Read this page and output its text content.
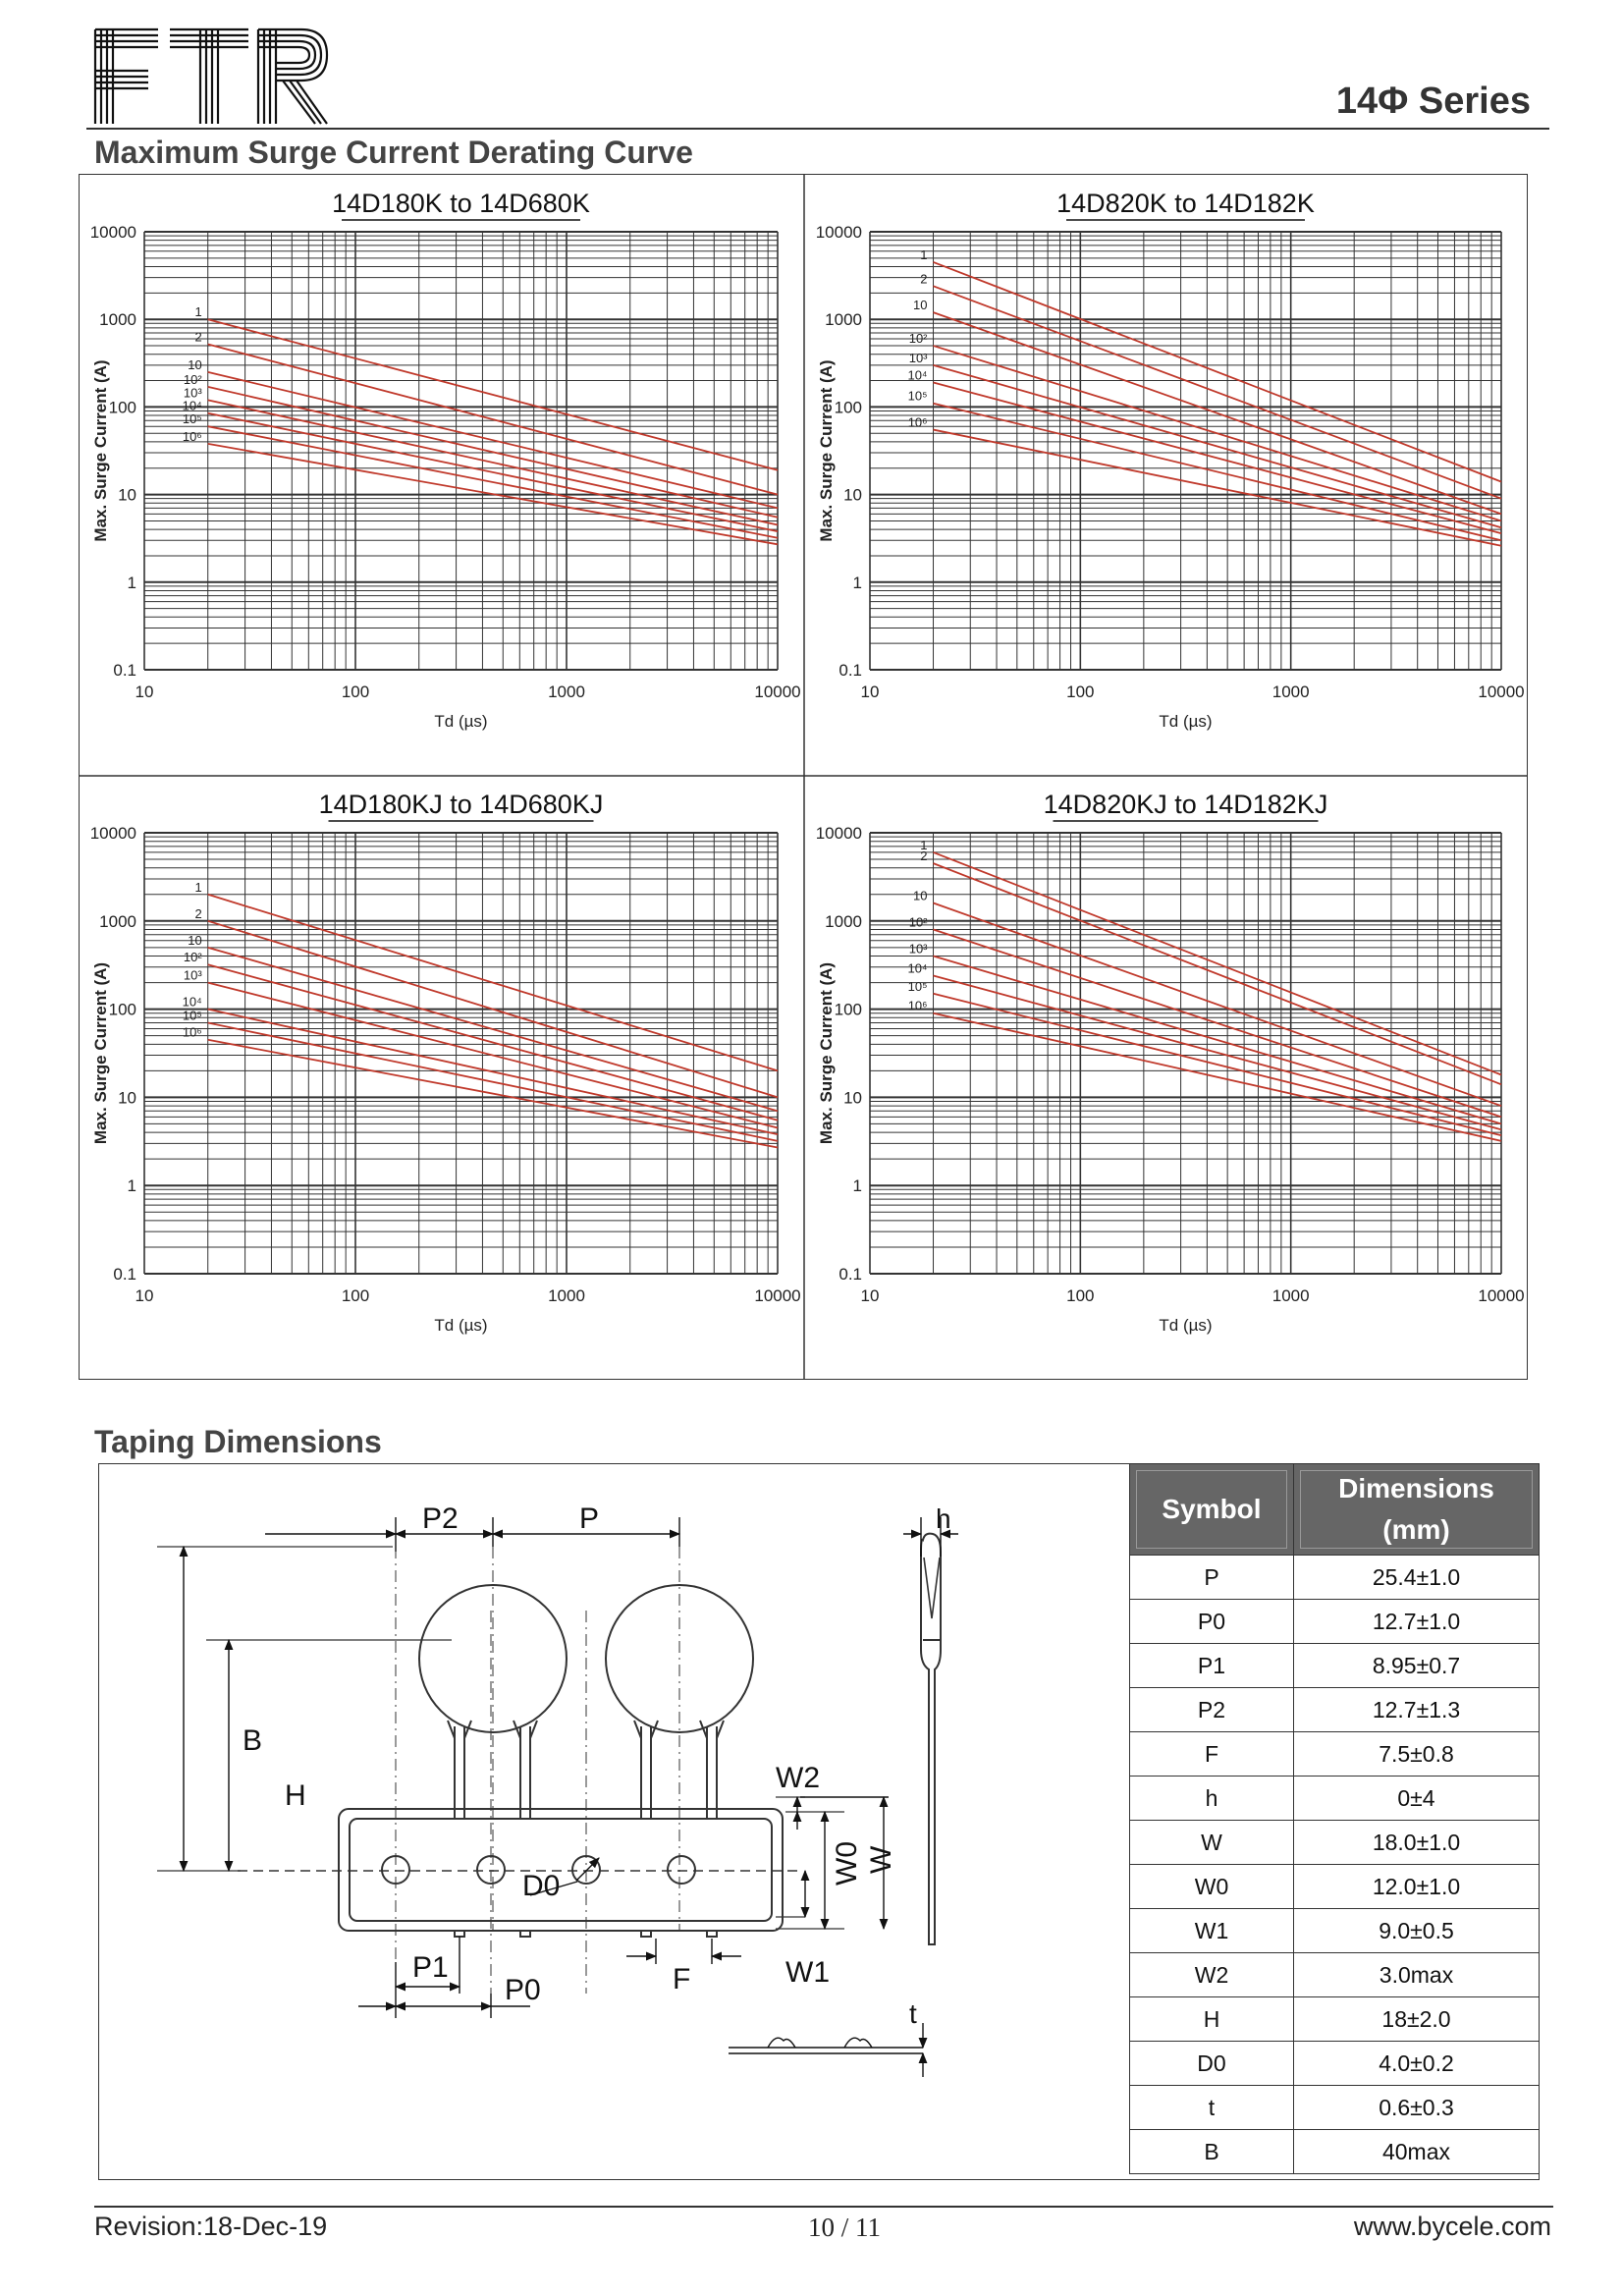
FTR
14Φ Series
Maximum Surge Current Derating Curve
14D180K to 14D680K
0.1
1
10
100
1000
10000
10	100	1000	10000
Td (µs)
Max. Surge Current (A)
1
2
10
10²
10³
10⁴
10⁵
10⁶
14D820K to 14D182K
0.1
1
10
100
1000
10000
10	100	1000	10000
Td (µs)
Max. Surge Current (A)
1
2
10
10²
10³
10⁴
10⁵
10⁶
14D180KJ to 14D680KJ
0.1
1
10
100
1000
10000
10	100	1000	10000
Td (µs)
Max. Surge Current (A)
1
2
10
10²
10³
10⁴
10⁵
10⁶
14D820KJ to 14D182KJ
0.1
1
10
100
1000
10000
10	100	1000	10000
Td (µs)
Max. Surge Current (A)
1
2
10
10²
10³
10⁴
10⁵
10⁶
Taping Dimensions
P2	P	h
B
H
W2
D0
P1
P0	F	W1
t
W0 W
Symbol	Dimensions
(mm)

P	25.4±1.0
P0	12.7±1.0
P1	8.95±0.7
P2	12.7±1.3
F	7.5±0.8
h	0±4
W	18.0±1.0
W0	12.0±1.0
W1	9.0±0.5
W2	3.0max
H	18±2.0
D0	4.0±0.2
t	0.6±0.3
B	40max
Revision:18-Dec-19	10 / 11	www.bycele.com
